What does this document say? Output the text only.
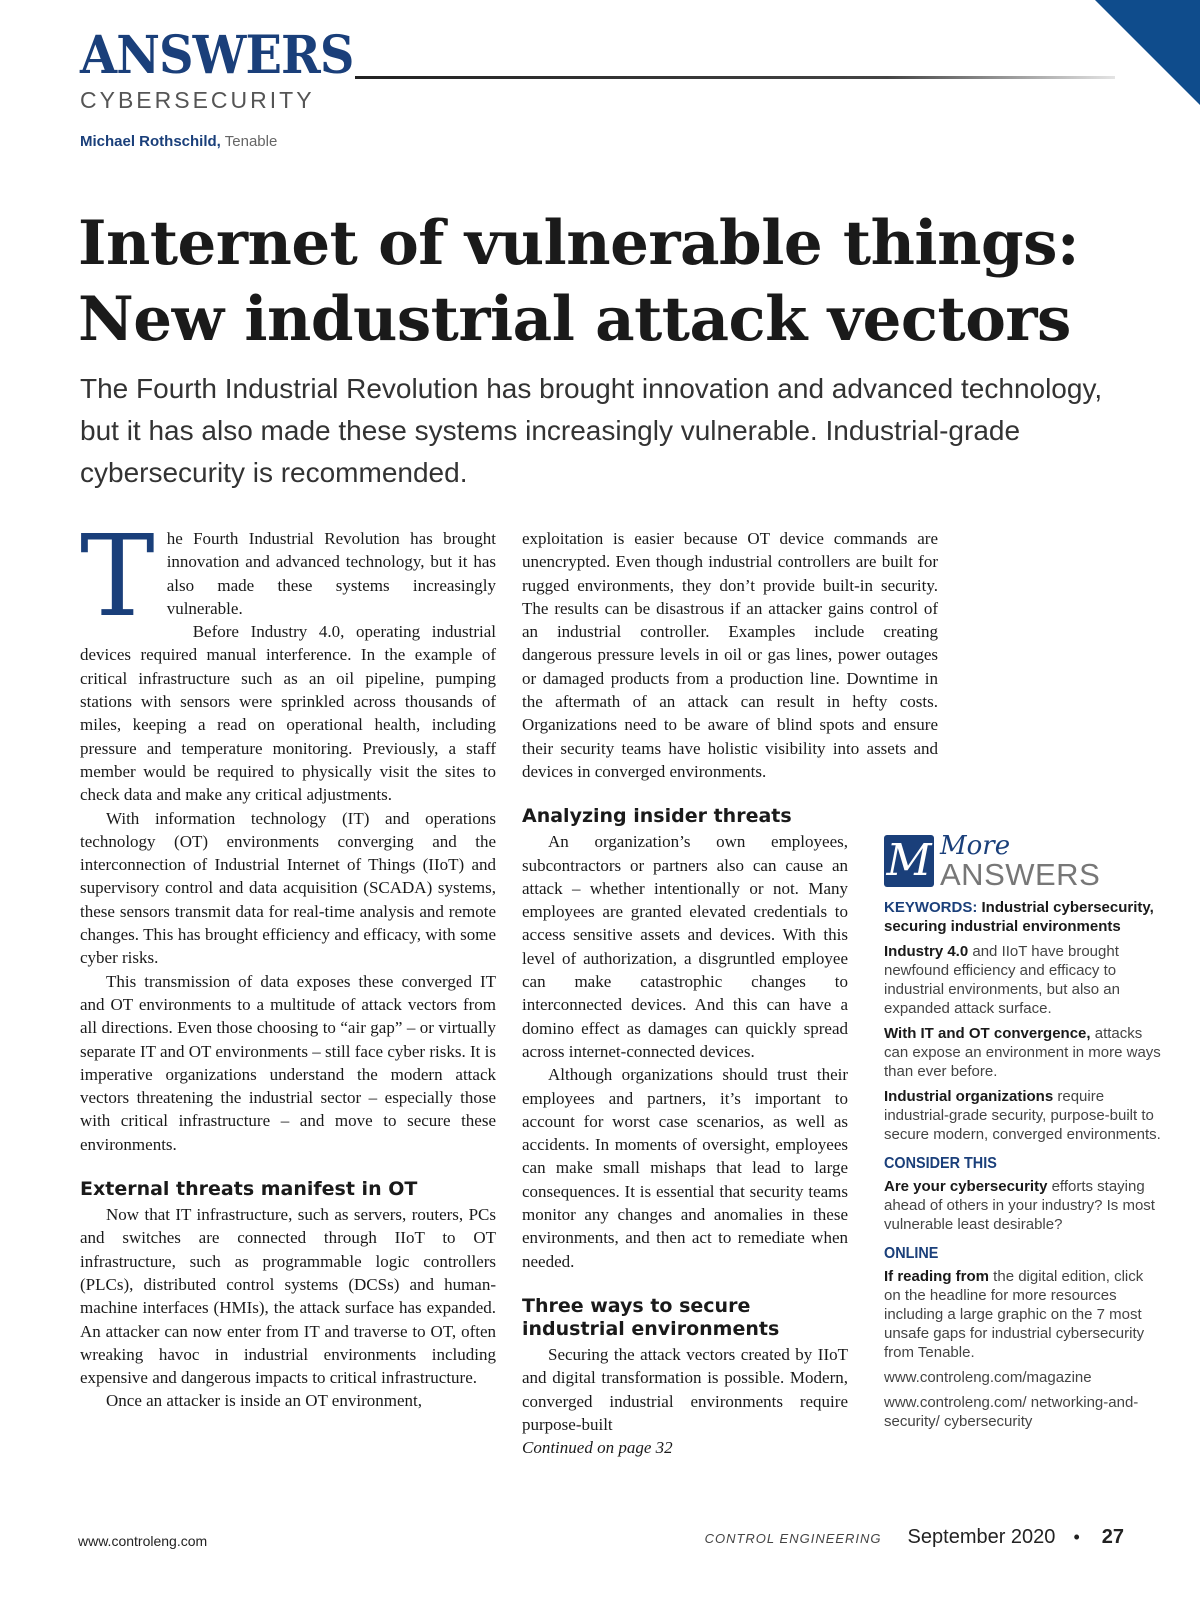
ANSWERS
CYBERSECURITY
Michael Rothschild, Tenable
Internet of vulnerable things:
New industrial attack vectors

The Fourth Industrial Revolution has brought innovation and advanced technology, but it has also made these systems increasingly vulnerable. Industrial-grade cybersecurity is recommended.

The Fourth Industrial Revolution has brought innovation and advanced technology, but it has also made these systems increasingly vulnerable.

Before Industry 4.0, operating industrial devices required manual interference. In the example of critical infrastructure such as an oil pipeline, pumping stations with sensors were sprinkled across thousands of miles, keeping a read on operational health, including pressure and temperature monitoring. Previously, a staff member would be required to physically visit the sites to check data and make any critical adjustments.

With information technology (IT) and operations technology (OT) environments converging and the interconnection of Industrial Internet of Things (IIoT) and supervisory control and data acquisition (SCADA) systems, these sensors transmit data for real-time analysis and remote changes. This has brought efficiency and efficacy, with some cyber risks.

This transmission of data exposes these converged IT and OT environments to a multitude of attack vectors from all directions. Even those choosing to “air gap” – or virtually separate IT and OT environments – still face cyber risks. It is imperative organizations understand the modern attack vectors threatening the industrial sector – especially those with critical infrastructure – and move to secure these environments.

External threats manifest in OT

Now that IT infrastructure, such as servers, routers, PCs and switches are connected through IIoT to OT infrastructure, such as programmable logic controllers (PLCs), distributed control systems (DCSs) and human-machine interfaces (HMIs), the attack surface has expanded. An attacker can now enter from IT and traverse to OT, often wreaking havoc in industrial environments including expensive and dangerous impacts to critical infrastructure.

Once an attacker is inside an OT environment,

exploitation is easier because OT device commands are unencrypted. Even though industrial controllers are built for rugged environments, they don’t provide built-in security. The results can be disastrous if an attacker gains control of an industrial controller. Examples include creating dangerous pressure levels in oil or gas lines, power outages or damaged products from a production line. Downtime in the aftermath of an attack can result in hefty costs. Organizations need to be aware of blind spots and ensure their security teams have holistic visibility into assets and devices in converged environments.

Analyzing insider threats

An organization’s own employees, subcontractors or partners also can cause an attack – whether intentionally or not. Many employees are granted elevated credentials to access sensitive assets and devices. With this level of authorization, a disgruntled employee can make catastrophic changes to interconnected devices. And this can have a domino effect as damages can quickly spread across internet-connected devices.

Although organizations should trust their employees and partners, it’s important to account for worst case scenarios, as well as accidents. In moments of oversight, employees can make small mishaps that lead to large consequences. It is essential that security teams monitor any changes and anomalies in these environments, and then act to remediate when needed.

Three ways to secure industrial environments

Securing the attack vectors created by IIoT and digital transformation is possible. Modern, converged industrial environments require purpose-built

Continued on page 32

M More
ANSWERS

KEYWORDS: Industrial cybersecurity, securing industrial environments

Industry 4.0 and IIoT have brought newfound efficiency and efficacy to industrial environments, but also an expanded attack surface.

With IT and OT convergence, attacks can expose an environment in more ways than ever before.

Industrial organizations require industrial-grade security, purpose-built to secure modern, converged environments.

CONSIDER THIS

Are your cybersecurity efforts staying ahead of others in your industry? Is most vulnerable least desirable?

ONLINE

If reading from the digital edition, click on the headline for more resources including a large graphic on the 7 most unsafe gaps for industrial cybersecurity from Tenable.

www.controleng.com/magazine

www.controleng.com/ networking-and-security/ cybersecurity

www.controleng.com	CONTROL ENGINEERING September 2020 • 27
